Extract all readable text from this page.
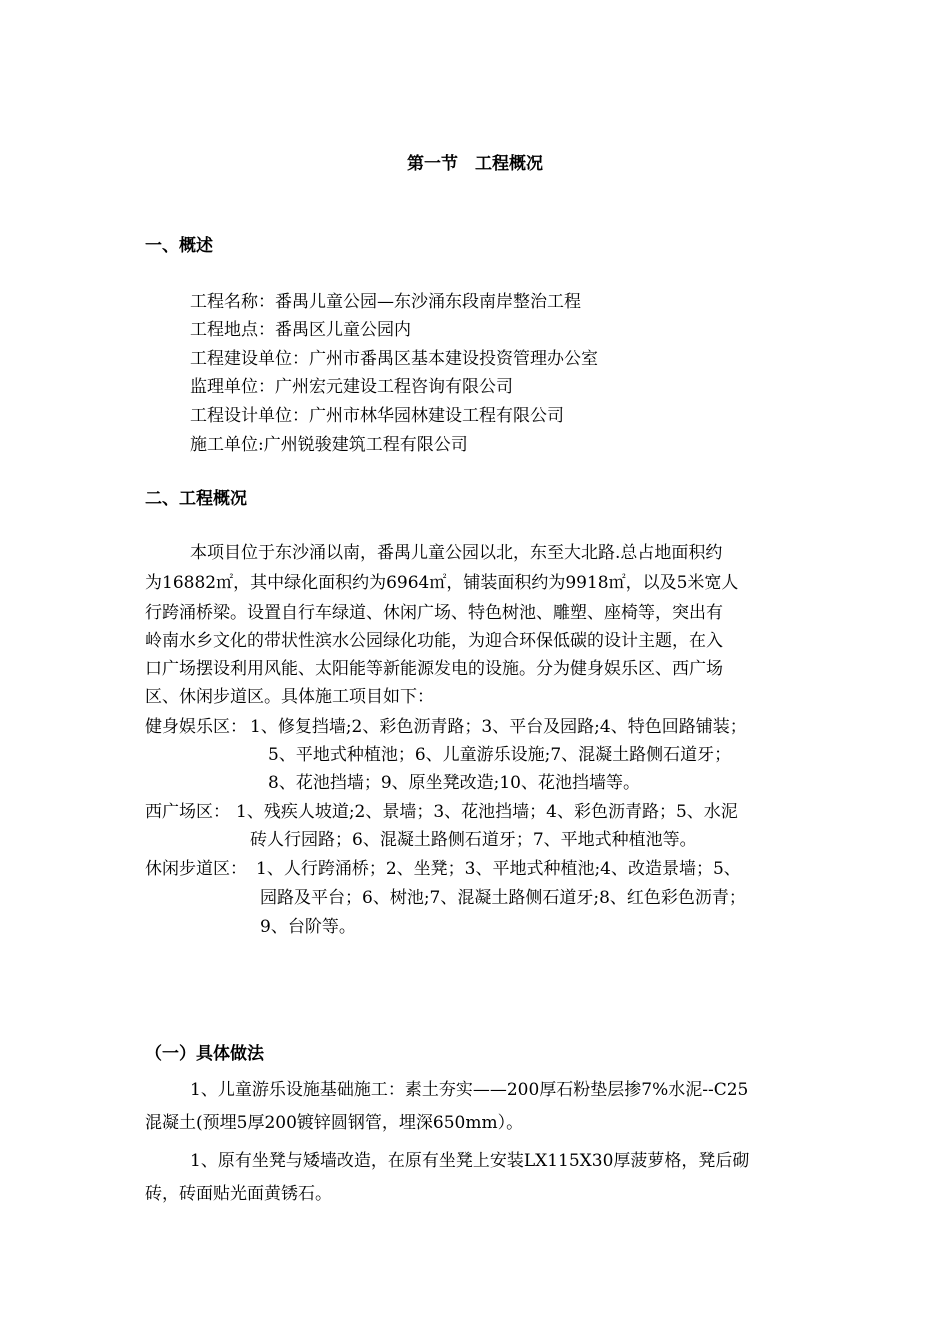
第一节　工程概况
一、概述
工程名称：番禺儿童公园—东沙涌东段南岸整治工程
工程地点：番禺区儿童公园内
工程建设单位：广州市番禺区基本建设投资管理办公室
监理单位：广州宏元建设工程咨询有限公司
工程设计单位：广州市林华园林建设工程有限公司
施工单位:广州锐骏建筑工程有限公司
二、工程概况
本项目位于东沙涌以南，番禺儿童公园以北，东至大北路.总占地面积约
为16882㎡，其中绿化面积约为6964㎡，铺装面积约为9918㎡，以及5米宽人
行跨涌桥梁。设置自行车绿道、休闲广场、特色树池、雕塑、座椅等，突出有
岭南水乡文化的带状性滨水公园绿化功能，为迎合环保低碳的设计主题，在入
口广场摆设利用风能、太阳能等新能源发电的设施。分为健身娱乐区、西广场
区、休闲步道区。具体施工项目如下：
健身娱乐区： 1、修复挡墙;2、彩色沥青路；3、平台及园路;4、特色回路铺装；
5、平地式种植池；6、儿童游乐设施;7、混凝土路侧石道牙；
8、花池挡墙；9、原坐凳改造;10、花池挡墙等。
西广场区： 1、残疾人坡道;2、景墙；3、花池挡墙；4、彩色沥青路；5、水泥
砖人行园路；6、混凝土路侧石道牙；7、平地式种植池等。
休闲步道区： 1、人行跨涌桥；2、坐凳；3、平地式种植池;4、改造景墙；5、
园路及平台；6、树池;7、混凝土路侧石道牙;8、红色彩色沥青；
9、台阶等。
（一）具体做法
1、儿童游乐设施基础施工：素土夯实——200厚石粉垫层掺7%水泥--C25
混凝土(预埋5厚200镀锌圆钢管，埋深650mm）。
1、原有坐凳与矮墙改造，在原有坐凳上安装LX115X30厚菠萝格，凳后砌
砖，砖面贴光面黄锈石。
